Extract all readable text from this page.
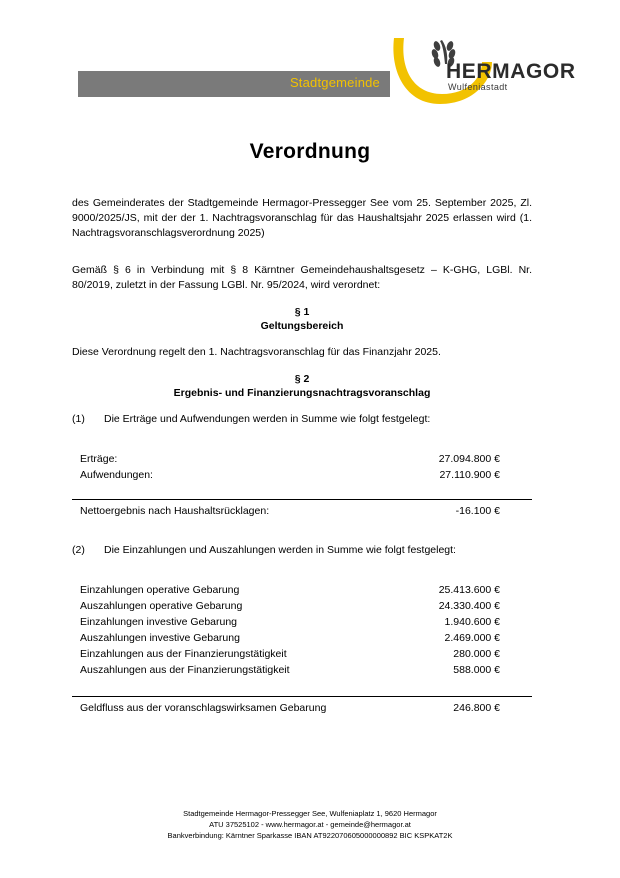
Stadtgemeinde	HERMAGOR
Wulfeniastadt
Verordnung

des Gemeinderates der Stadtgemeinde Hermagor-Pressegger See vom 25. September 2025, Zl. 9000/2025/JS, mit der der 1. Nachtragsvoranschlag für das Haushaltsjahr 2025 erlassen wird (1. Nachtragsvoranschlagsverordnung 2025)

Gemäß § 6 in Verbindung mit § 8 Kärntner Gemeindehaushaltsgesetz – K-GHG, LGBl. Nr. 80/2019, zuletzt in der Fassung LGBl. Nr. 95/2024, wird verordnet:

§ 1
Geltungsbereich

Diese Verordnung regelt den 1. Nachtragsvoranschlag für das Finanzjahr 2025.

§ 2
Ergebnis- und Finanzierungsnachtragsvoranschlag
(1)	Die Erträge und Aufwendungen werden in Summe wie folgt festgelegt:
Erträge:	27.094.800 €
Aufwendungen:	27.110.900 €

Nettoergebnis nach Haushaltsrücklagen:	-16.100 €
(2)	Die Einzahlungen und Auszahlungen werden in Summe wie folgt festgelegt:
Einzahlungen operative Gebarung	25.413.600 €
Auszahlungen operative Gebarung	24.330.400 €
Einzahlungen investive Gebarung	1.940.600 €
Auszahlungen investive Gebarung	2.469.000 €
Einzahlungen aus der Finanzierungstätigkeit	280.000 €
Auszahlungen aus der Finanzierungstätigkeit	588.000 €

Geldfluss aus der voranschlagswirksamen Gebarung	246.800 €
Stadtgemeinde Hermagor-Pressegger See, Wulfeniaplatz 1, 9620 Hermagor
ATU 37525102 - www.hermagor.at - gemeinde@hermagor.at
Bankverbindung: Kärntner Sparkasse IBAN AT922070605000000892 BIC KSPKAT2K
